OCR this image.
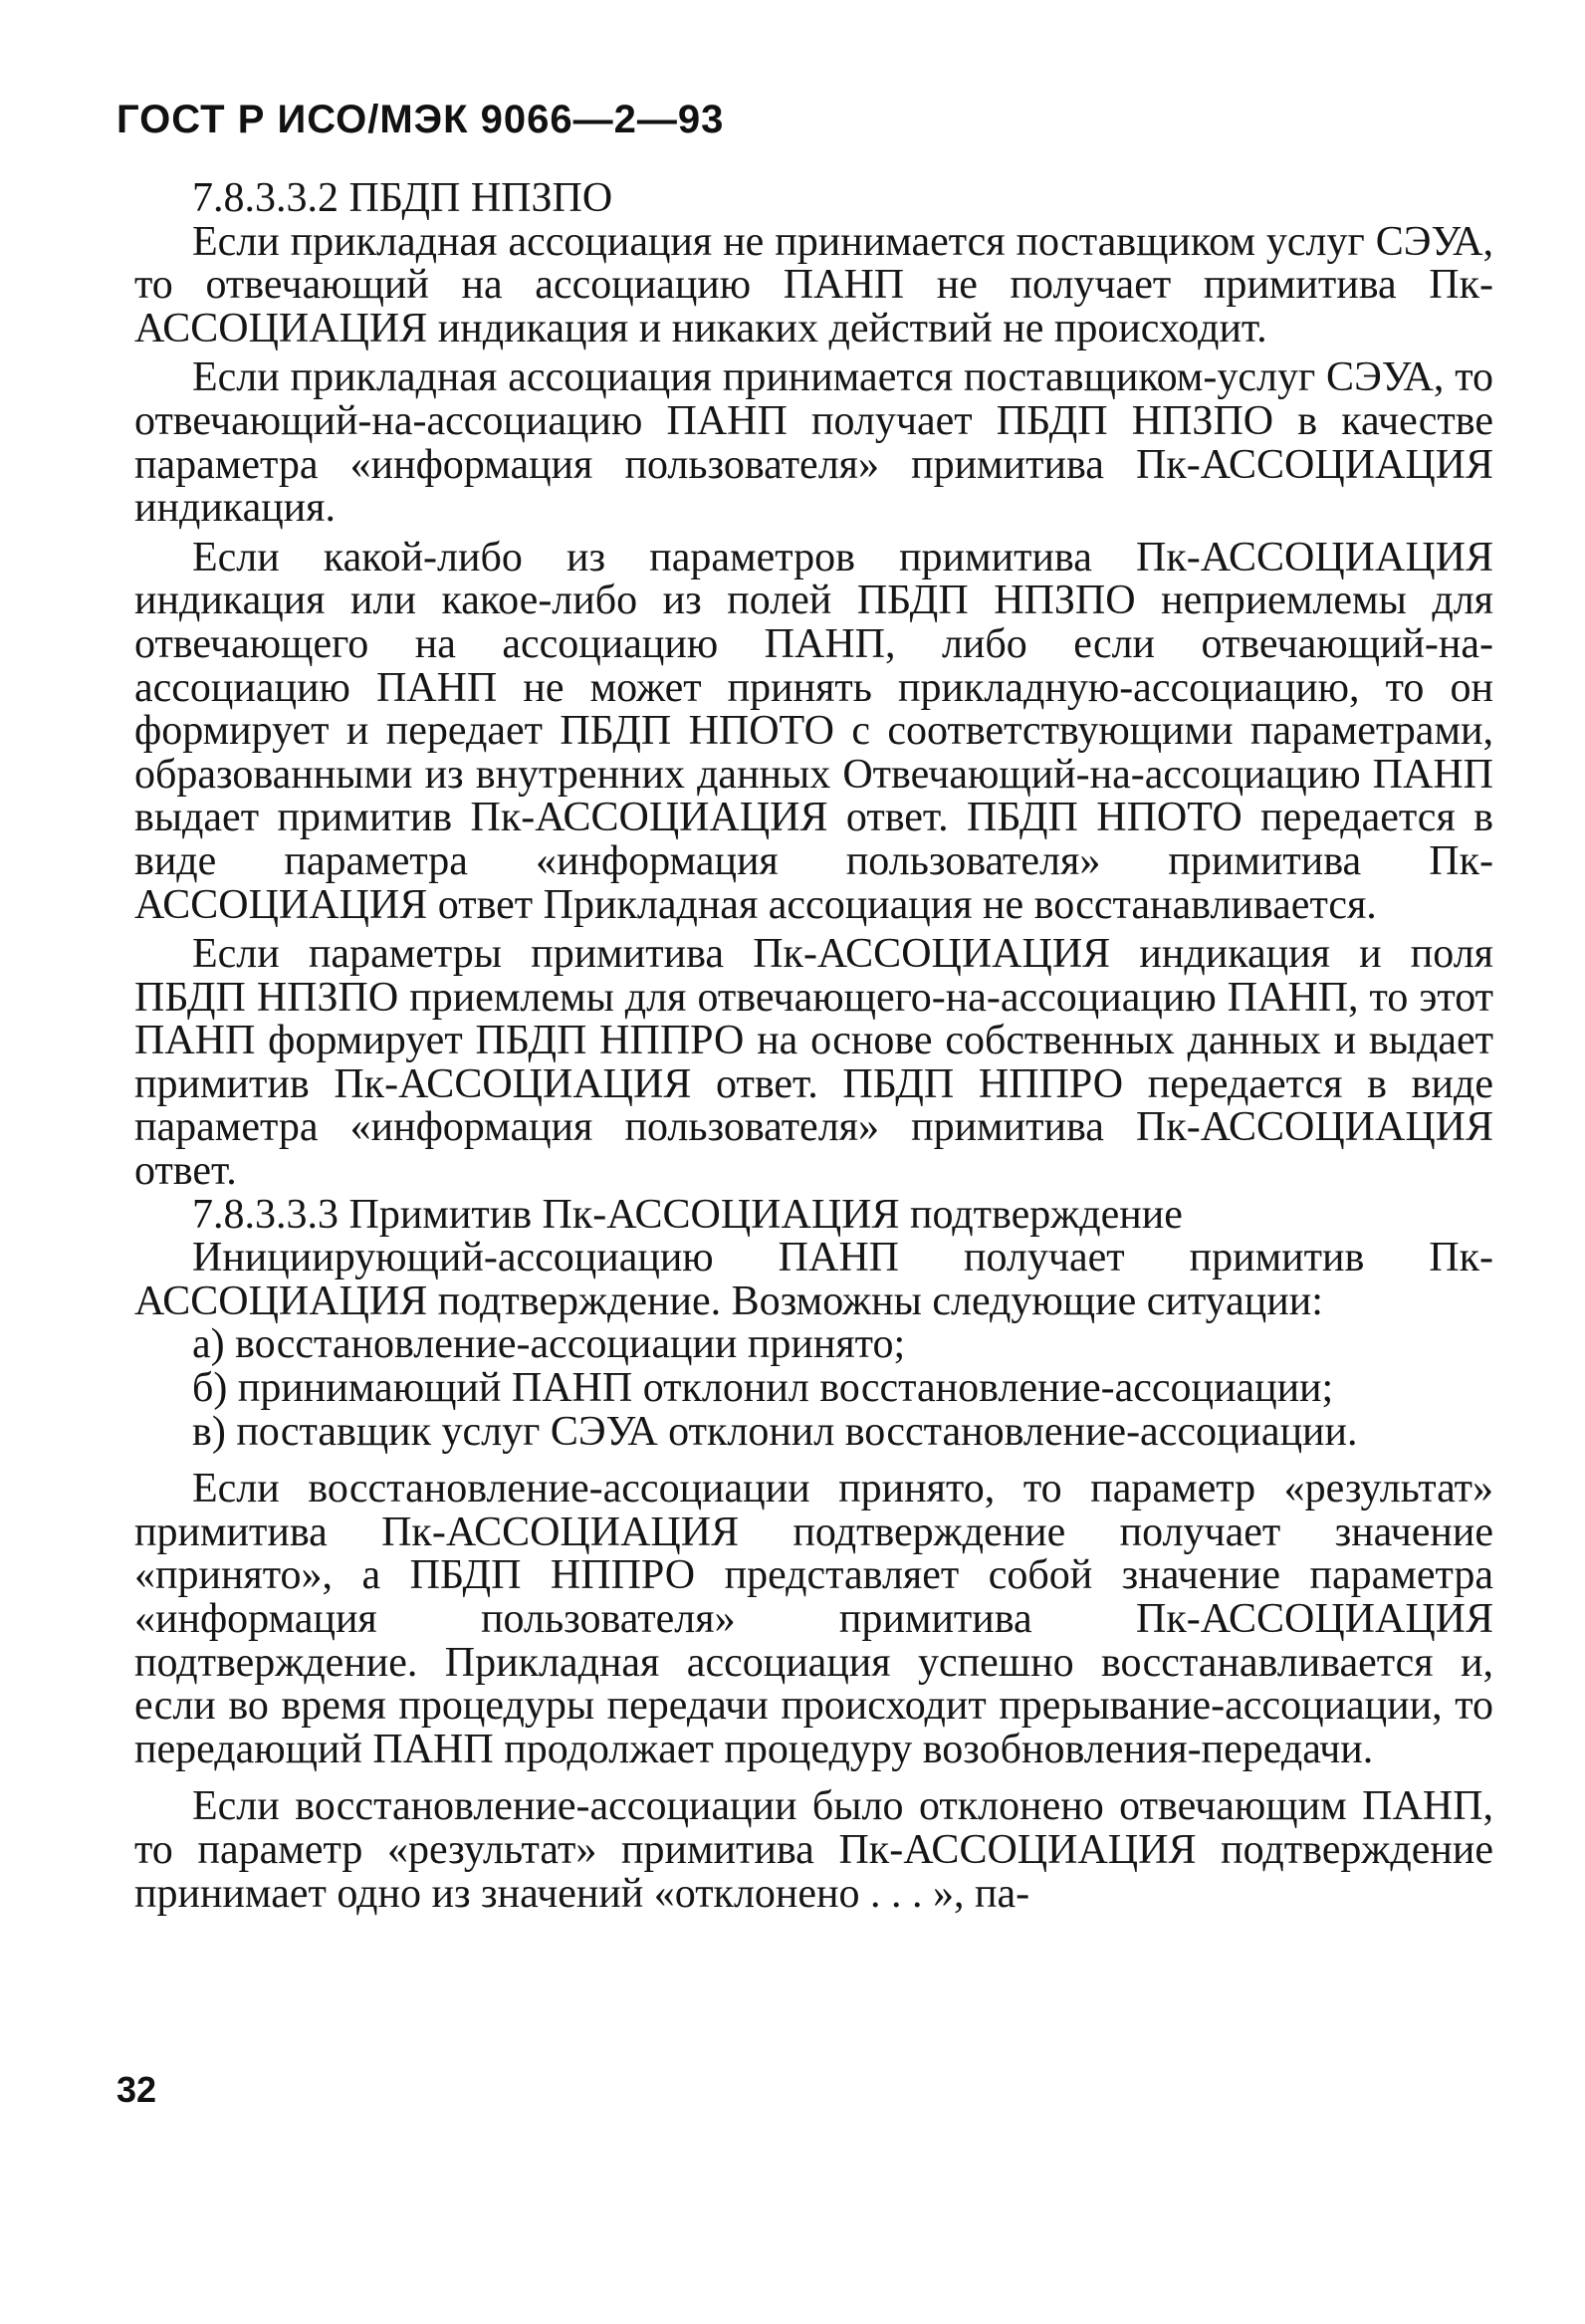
ГОСТ Р ИСО/МЭК 9066—2—93

7.8.3.3.2 ПБДП НПЗПО

Если прикладная ассоциация не принимается поставщиком услуг СЭУА, то отвечающий на ассоциацию ПАНП не получает примитива Пк-АССОЦИАЦИЯ индикация и никаких действий не происходит.

Если прикладная ассоциация принимается поставщиком-услуг СЭУА, то отвечающий-на-ассоциацию ПАНП получает ПБДП НПЗПО в качестве параметра «информация пользователя» примитива Пк-АССОЦИАЦИЯ индикация.

Если какой-либо из параметров примитива Пк-АССОЦИАЦИЯ индикация или какое-либо из полей ПБДП НПЗПО неприемлемы для отвечающего на ассоциацию ПАНП, либо если отвечающий-на-ассоциацию ПАНП не может принять прикладную-ассоциацию, то он формирует и передает ПБДП НПОТО с соответствующими параметрами, образованными из внутренних данных Отвечающий-на-ассоциацию ПАНП выдает примитив Пк-АССОЦИАЦИЯ ответ. ПБДП НПОТО передается в виде параметра «информация пользователя» примитива Пк-АССОЦИАЦИЯ ответ Прикладная ассоциация не восстанавливается.

Если параметры примитива Пк-АССОЦИАЦИЯ индикация и поля ПБДП НПЗПО приемлемы для отвечающего-на-ассоциацию ПАНП, то этот ПАНП формирует ПБДП НППРО на основе собственных данных и выдает примитив Пк-АССОЦИАЦИЯ ответ. ПБДП НППРО передается в виде параметра «информация пользователя» примитива Пк-АССОЦИАЦИЯ ответ.

7.8.3.3.3 Примитив Пк-АССОЦИАЦИЯ подтверждение

Инициирующий-ассоциацию ПАНП получает примитив Пк-АССОЦИАЦИЯ подтверждение. Возможны следующие ситуации:

а) восстановление-ассоциации принято;

б) принимающий ПАНП отклонил восстановление-ассоциации;

в) поставщик услуг СЭУА отклонил восстановление-ассоциации.

Если восстановление-ассоциации принято, то параметр «результат» примитива Пк-АССОЦИАЦИЯ подтверждение получает значение «принято», а ПБДП НППРО представляет собой значение параметра «информация пользователя» примитива Пк-АССОЦИАЦИЯ подтверждение. Прикладная ассоциация успешно восстанавливается и, если во время процедуры передачи происходит прерывание-ассоциации, то передающий ПАНП продолжает процедуру возобновления-передачи.

Если восстановление-ассоциации было отклонено отвечающим ПАНП, то параметр «результат» примитива Пк-АССОЦИАЦИЯ подтверждение принимает одно из значений «отклонено . . . », па-

32
